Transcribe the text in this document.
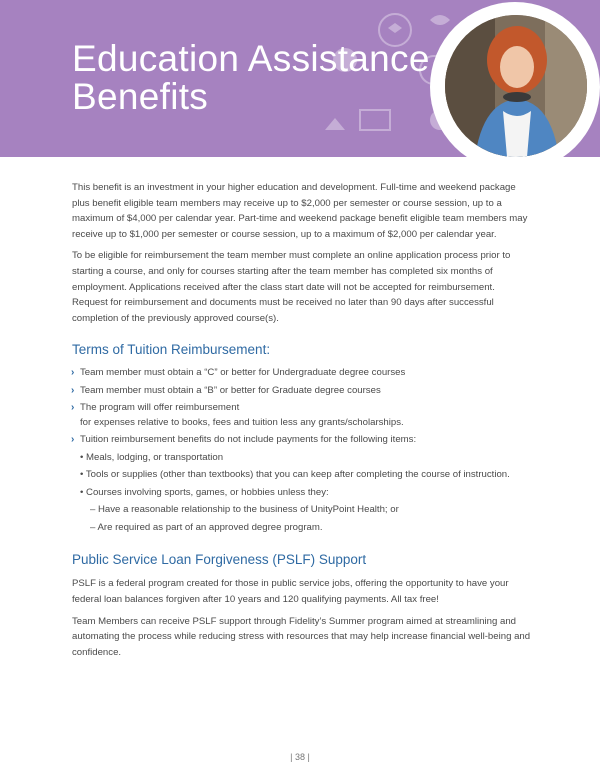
Education Assistance
Benefits

This benefit is an investment in your higher education and development. Full-time and weekend package plus benefit eligible team members may receive up to $2,000 per semester or course session, up to a maximum of $4,000 per calendar year. Part-time and weekend package benefit eligible team members may receive up to $1,000 per semester or course session, up to a maximum of $2,000 per calendar year.

To be eligible for reimbursement the team member must complete an online application process prior to starting a course, and only for courses starting after the team member has completed six months of employment. Applications received after the class start date will not be accepted for reimbursement. Request for reimbursement and documents must be received no later than 90 days after successful completion of the previously approved course(s).

Terms of Tuition Reimbursement:
› Team member must obtain a “C” or better for Undergraduate degree courses
› Team member must obtain a “B” or better for Graduate degree courses
› The program will offer reimbursement
for expenses relative to books, fees and tuition less any grants/scholarships.
› Tuition reimbursement benefits do not include payments for the following items:
• Meals, lodging, or transportation
• Tools or supplies (other than textbooks) that you can keep after completing the course of instruction.
• Courses involving sports, games, or hobbies unless they:
– Have a reasonable relationship to the business of UnityPoint Health; or
– Are required as part of an approved degree program.
Public Service Loan Forgiveness (PSLF) Support

PSLF is a federal program created for those in public service jobs, offering the opportunity to have your federal loan balances forgiven after 10 years and 120 qualifying payments. All tax free!

Team Members can receive PSLF support through Fidelity’s Summer program aimed at streamlining and automating the process while reducing stress with resources that may help increase financial well-being and confidence.

| 38 |
